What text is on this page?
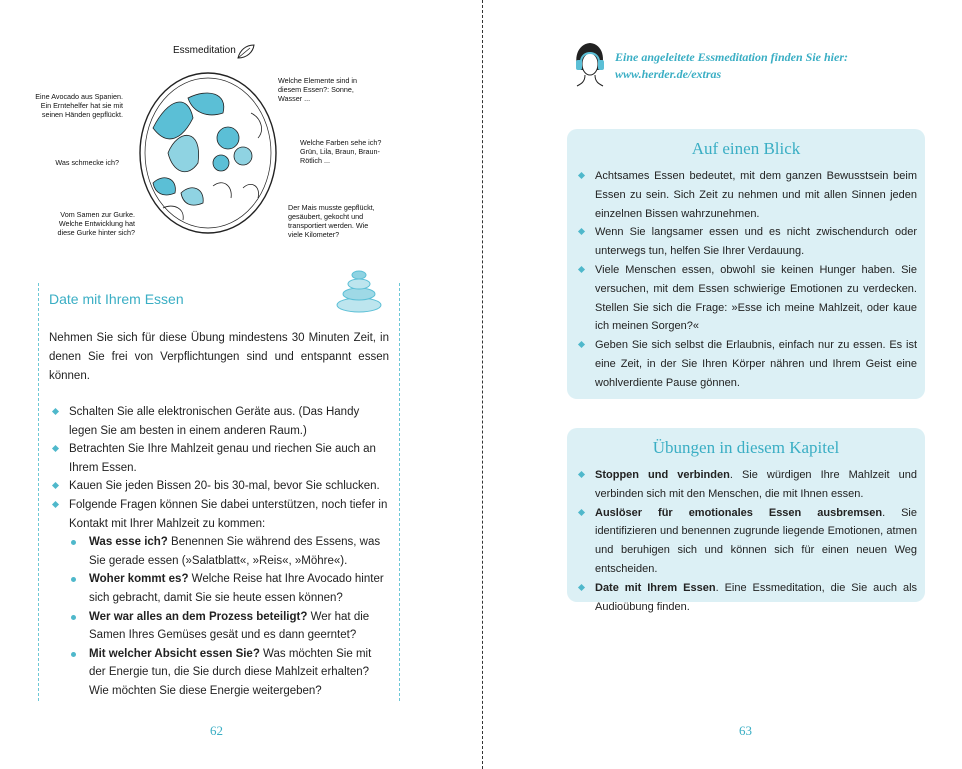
Essmeditation
Eine Avocado aus Spanien. Ein Erntehelfer hat sie mit seinen Händen gepflückt.
Was schmecke ich?
Vom Samen zur Gurke. Welche Entwicklung hat diese Gurke hinter sich?
Welche Elemente sind in diesem Essen?: Sonne, Wasser ...
Welche Farben sehe ich? Grün, Lila, Braun, Braun-Rötlich ...
Der Mais musste gepflückt, gesäubert, gekocht und transportiert werden. Wie viele Kilometer?
Date mit Ihrem Essen

Nehmen Sie sich für diese Übung mindestens 30 Minuten Zeit, in denen Sie frei von Verpflichtungen sind und entspannt essen können.

Schalten Sie alle elektronischen Geräte aus. (Das Handy legen Sie am besten in einem anderen Raum.)
Betrachten Sie Ihre Mahlzeit genau und riechen Sie auch an Ihrem Essen.
Kauen Sie jeden Bissen 20- bis 30-mal, bevor Sie schlucken.
Folgende Fragen können Sie dabei unterstützen, noch tiefer in Kontakt mit Ihrer Mahlzeit zu kommen:
Was esse ich? Benennen Sie während des Essens, was Sie gerade essen (»Salatblatt«, »Reis«, »Möhre«).
Woher kommt es? Welche Reise hat Ihre Avocado hinter sich gebracht, damit Sie sie heute essen können?
Wer war alles an dem Prozess beteiligt? Wer hat die Samen Ihres Gemüses gesät und es dann geerntet?
Mit welcher Absicht essen Sie? Was möchten Sie mit der Energie tun, die Sie durch diese Mahlzeit erhalten? Wie möchten Sie diese Energie weitergeben?
62
Eine angeleitete Essmeditation finden Sie hier:
www.herder.de/extras
Auf einen Blick
Achtsames Essen bedeutet, mit dem ganzen Bewusstsein beim Essen zu sein. Sich Zeit zu nehmen und mit allen Sinnen jeden einzelnen Bissen wahrzunehmen.
Wenn Sie langsamer essen und es nicht zwischendurch oder unterwegs tun, helfen Sie Ihrer Verdauung.
Viele Menschen essen, obwohl sie keinen Hunger haben. Sie versuchen, mit dem Essen schwierige Emotionen zu verdecken. Stellen Sie sich die Frage: »Esse ich meine Mahlzeit, oder kaue ich meinen Sorgen?«
Geben Sie sich selbst die Erlaubnis, einfach nur zu essen. Es ist eine Zeit, in der Sie Ihren Körper nähren und Ihrem Geist eine wohlverdiente Pause gönnen.
Übungen in diesem Kapitel
Stoppen und verbinden. Sie würdigen Ihre Mahlzeit und verbinden sich mit den Menschen, die mit Ihnen essen.
Auslöser für emotionales Essen ausbremsen. Sie identifizieren und benennen zugrunde liegende Emotionen, atmen und beruhigen sich und können sich für einen neuen Weg entscheiden.
Date mit Ihrem Essen. Eine Essmeditation, die Sie auch als Audioübung finden.
63
